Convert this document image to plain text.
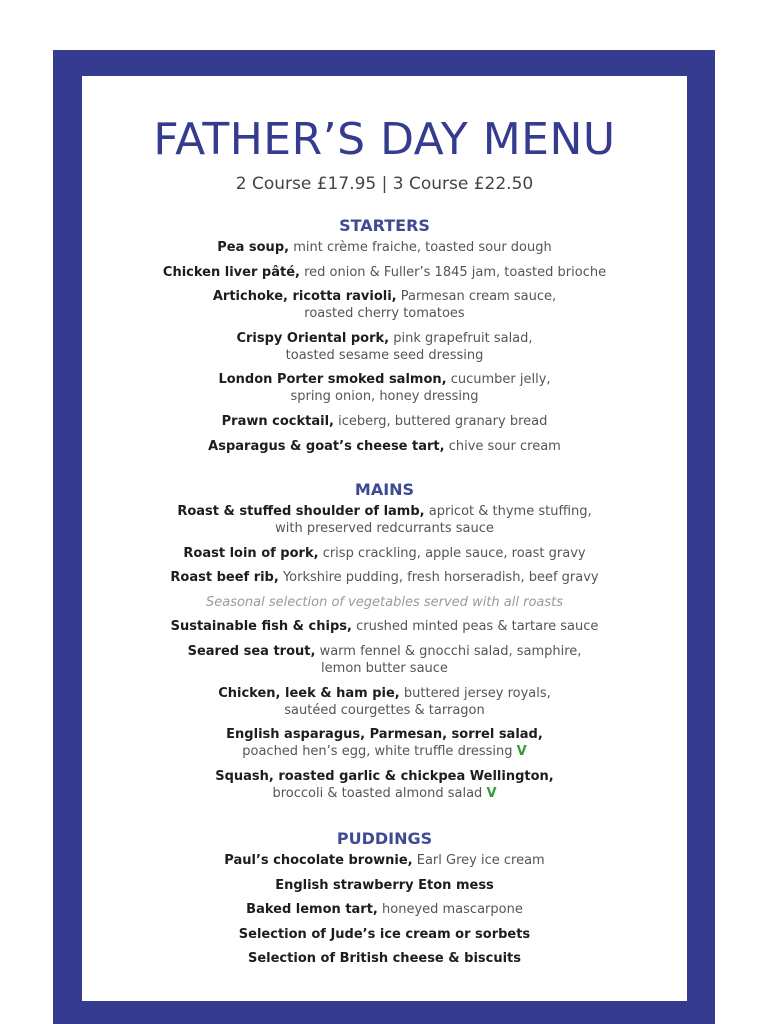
FATHER’S DAY MENU
2 Course £17.95 | 3 Course £22.50
STARTERS
Pea soup, mint crème fraiche, toasted sour dough
Chicken liver pâté, red onion & Fuller’s 1845 jam, toasted brioche
Artichoke, ricotta ravioli, Parmesan cream sauce,
roasted cherry tomatoes
Crispy Oriental pork, pink grapefruit salad,
toasted sesame seed dressing
London Porter smoked salmon, cucumber jelly,
spring onion, honey dressing
Prawn cocktail, iceberg, buttered granary bread
Asparagus & goat’s cheese tart, chive sour cream
MAINS
Roast & stuffed shoulder of lamb, apricot & thyme stuffing,
with preserved redcurrants sauce
Roast loin of pork, crisp crackling, apple sauce, roast gravy
Roast beef rib, Yorkshire pudding, fresh horseradish, beef gravy
Seasonal selection of vegetables served with all roasts
Sustainable fish & chips, crushed minted peas & tartare sauce
Seared sea trout, warm fennel & gnocchi salad, samphire,
lemon butter sauce
Chicken, leek & ham pie, buttered jersey royals,
sautéed courgettes & tarragon
English asparagus, Parmesan, sorrel salad,
poached hen’s egg, white truffle dressing V
Squash, roasted garlic & chickpea Wellington,
broccoli & toasted almond salad V
PUDDINGS
Paul’s chocolate brownie, Earl Grey ice cream
English strawberry Eton mess
Baked lemon tart, honeyed mascarpone
Selection of Jude’s ice cream or sorbets
Selection of British cheese & biscuits
